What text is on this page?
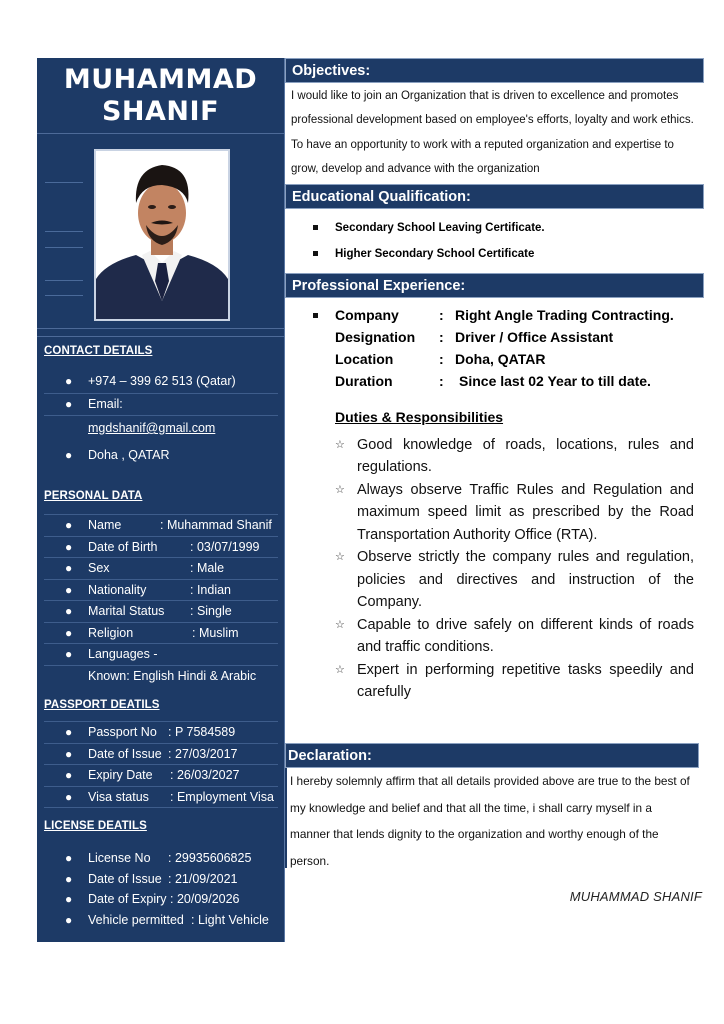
MUHAMMAD
SHANIF
CONTACT DETAILS
● +974 – 399 62 513 (Qatar)
● Email:
mgdshanif@gmail.com
● Doha , QATAR
PERSONAL DATA
● Name	: Muhammad Shanif
● Date of Birth	: 03/07/1999
● Sex	: Male
● Nationality	: Indian
● Marital Status : Single
● Religion	: Muslim
● Languages -
Known: English Hindi & Arabic
PASSPORT DEATILS
● Passport No : P 7584589
● Date of Issue : 27/03/2017
● Expiry Date : 26/03/2027
● Visa status : Employment Visa
LICENSE DEATILS
● License No : 29935606825
● Date of Issue : 21/09/2021
● Date of Expiry : 20/09/2026
● Vehicle permitted : Light Vehicle
Objectives:

I would like to join an Organization that is driven to excellence and promotes professional development based on employee's efforts, loyalty and work ethics. To have an opportunity to work with a reputed organization and expertise to grow, develop and advance with the organization

Educational Qualification:
Secondary School Leaving Certificate.
Higher Secondary School Certificate
Professional Experience:
Company	: Right Angle Trading Contracting.
Designation : Driver / Office Assistant
Location	: Doha, QATAR
Duration	: Since last 02 Year to till date.
Duties & Responsibilities
☆ Good knowledge of roads, locations, rules and regulations.
☆ Always observe Traffic Rules and Regulation and maximum speed limit as prescribed by the Road Transportation Authority Office (RTA).
☆ Observe strictly the company rules and regulation, policies and directives and instruction of the Company.
☆ Capable to drive safely on different kinds of roads and traffic conditions.
☆ Expert in performing repetitive tasks speedily and carefully
Declaration:

I hereby solemnly affirm that all details provided above are true to the best of my knowledge and belief and that all the time, i shall carry myself in a manner that lends dignity to the organization and worthy enough of the person.

MUHAMMAD SHANIF
